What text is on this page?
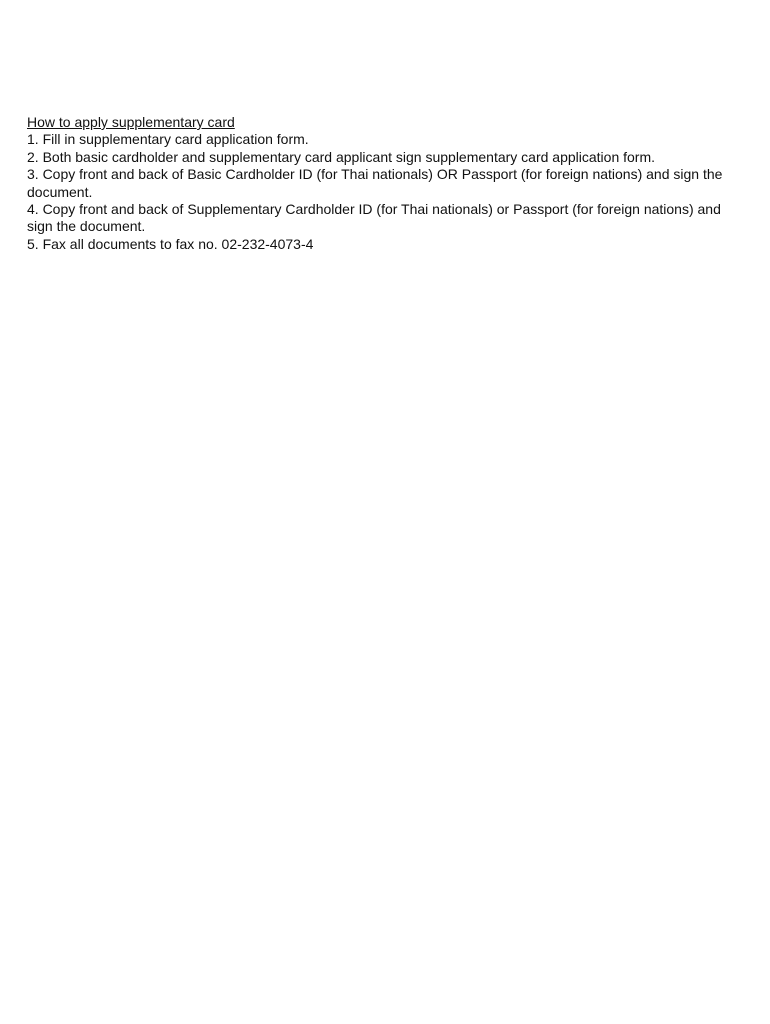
How to apply supplementary card
1. Fill in supplementary card application form.
2. Both basic cardholder and supplementary card applicant sign supplementary card application form.
3. Copy front and back of Basic Cardholder ID (for Thai nationals) OR Passport (for foreign nations) and sign the document.
4. Copy front and back of Supplementary Cardholder ID (for Thai nationals) or Passport (for foreign nations) and sign the document.
5. Fax all documents to fax no. 02-232-4073-4
